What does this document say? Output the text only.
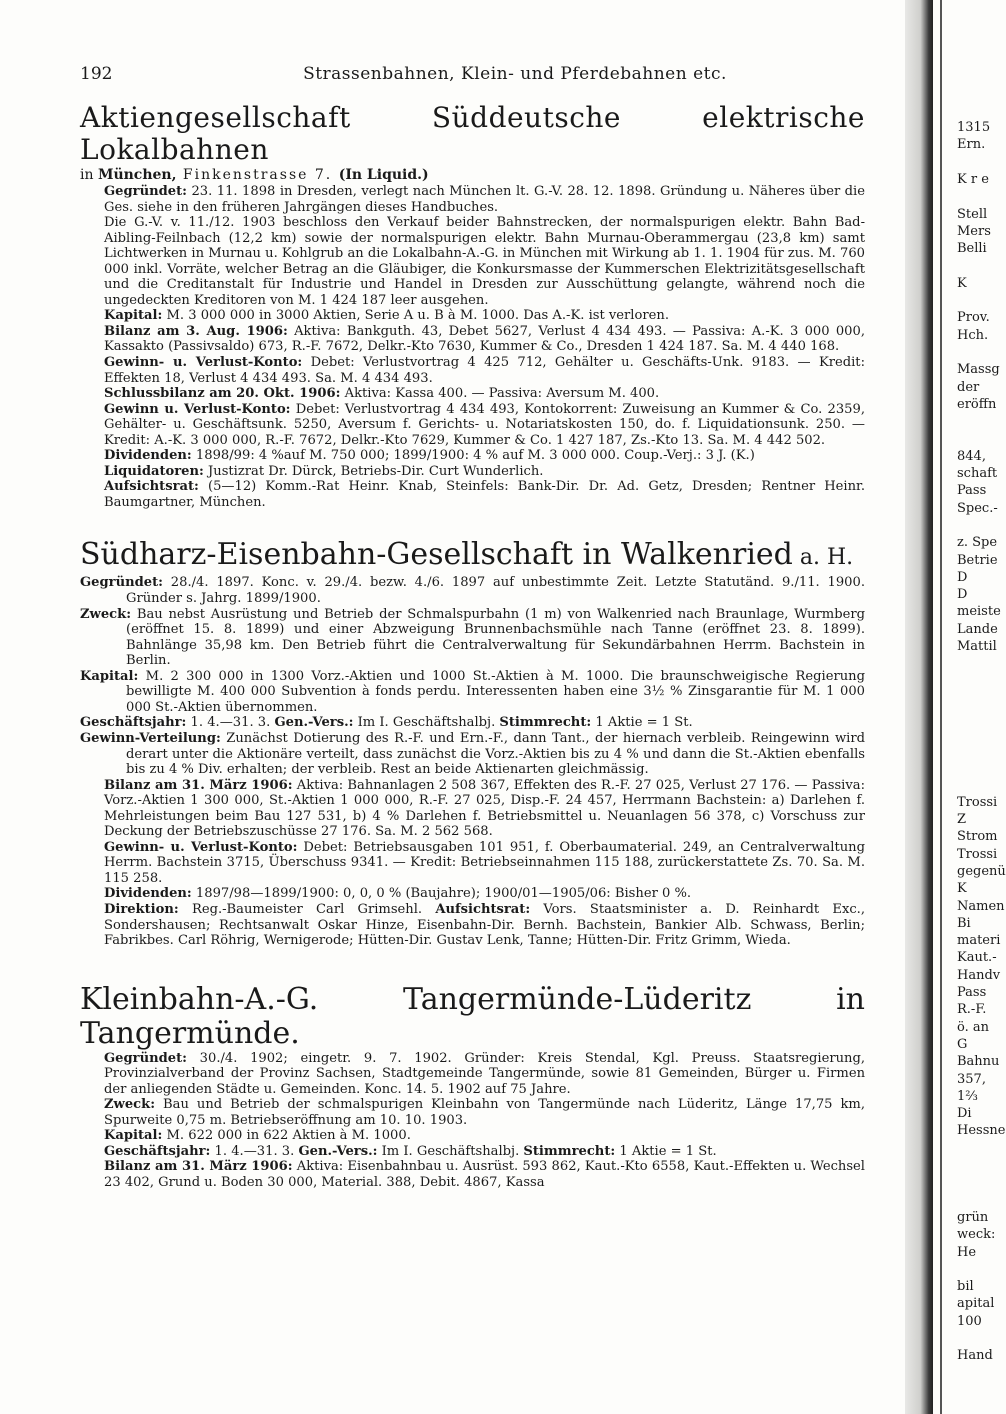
192	Strassenbahnen, Klein- und Pferdebahnen etc.

Aktiengesellschaft Süddeutsche elektrische Lokalbahnen

in München, Finkenstrasse 7. (In Liquid.)

Gegründet: 23. 11. 1898 in Dresden, verlegt nach München lt. G.-V. 28. 12. 1898. Gründung u. Näheres über die Ges. siehe in den früheren Jahrgängen dieses Handbuches.

Die G.-V. v. 11./12. 1903 beschloss den Verkauf beider Bahnstrecken, der normalspurigen elektr. Bahn Bad-Aibling-Feilnbach (12,2 km) sowie der normalspurigen elektr. Bahn Murnau-Oberammergau (23,8 km) samt Lichtwerken in Murnau u. Kohlgrub an die Lokalbahn-A.-G. in München mit Wirkung ab 1. 1. 1904 für zus. M. 760 000 inkl. Vorräte, welcher Betrag an die Gläubiger, die Konkursmasse der Kummerschen Elektrizitätsgesellschaft und die Creditanstalt für Industrie und Handel in Dresden zur Ausschüttung gelangte, während noch die ungedeckten Kreditoren von M. 1 424 187 leer ausgehen.

Kapital: M. 3 000 000 in 3000 Aktien, Serie A u. B à M. 1000. Das A.-K. ist verloren.

Bilanz am 3. Aug. 1906: Aktiva: Bankguth. 43, Debet 5627, Verlust 4 434 493. — Passiva: A.-K. 3 000 000, Kassakto (Passivsaldo) 673, R.-F. 7672, Delkr.-Kto 7630, Kummer & Co., Dresden 1 424 187. Sa. M. 4 440 168.

Gewinn- u. Verlust-Konto: Debet: Verlustvortrag 4 425 712, Gehälter u. Geschäfts-Unk. 9183. — Kredit: Effekten 18, Verlust 4 434 493. Sa. M. 4 434 493.

Schlussbilanz am 20. Okt. 1906: Aktiva: Kassa 400. — Passiva: Aversum M. 400.

Gewinn u. Verlust-Konto: Debet: Verlustvortrag 4 434 493, Kontokorrent: Zuweisung an Kummer & Co. 2359, Gehälter- u. Geschäftsunk. 5250, Aversum f. Gerichts- u. Notariatskosten 150, do. f. Liquidationsunk. 250. — Kredit: A.-K. 3 000 000, R.-F. 7672, Delkr.-Kto 7629, Kummer & Co. 1 427 187, Zs.-Kto 13. Sa. M. 4 442 502.

Dividenden: 1898/99: 4 %auf M. 750 000; 1899/1900: 4 % auf M. 3 000 000. Coup.-Verj.: 3 J. (K.)

Liquidatoren: Justizrat Dr. Dürck, Betriebs-Dir. Curt Wunderlich.

Aufsichtsrat: (5—12) Komm.-Rat Heinr. Knab, Steinfels: Bank-Dir. Dr. Ad. Getz, Dresden; Rentner Heinr. Baumgartner, München.

Südharz-Eisenbahn-Gesellschaft in Walkenried a. H.

Gegründet: 28./4. 1897. Konc. v. 29./4. bezw. 4./6. 1897 auf unbestimmte Zeit. Letzte Statutänd. 9./11. 1900. Gründer s. Jahrg. 1899/1900.

Zweck: Bau nebst Ausrüstung und Betrieb der Schmalspurbahn (1 m) von Walkenried nach Braunlage, Wurmberg (eröffnet 15. 8. 1899) und einer Abzweigung Brunnenbachsmühle nach Tanne (eröffnet 23. 8. 1899). Bahnlänge 35,98 km. Den Betrieb führt die Centralverwaltung für Sekundärbahnen Herrm. Bachstein in Berlin.

Kapital: M. 2 300 000 in 1300 Vorz.-Aktien und 1000 St.-Aktien à M. 1000. Die braunschweigische Regierung bewilligte M. 400 000 Subvention à fonds perdu. Interessenten haben eine 3½ % Zinsgarantie für M. 1 000 000 St.-Aktien übernommen.

Geschäftsjahr: 1. 4.—31. 3. Gen.-Vers.: Im I. Geschäftshalbj. Stimmrecht: 1 Aktie = 1 St.

Gewinn-Verteilung: Zunächst Dotierung des R.-F. und Ern.-F., dann Tant., der hiernach verbleib. Reingewinn wird derart unter die Aktionäre verteilt, dass zunächst die Vorz.-Aktien bis zu 4 % und dann die St.-Aktien ebenfalls bis zu 4 % Div. erhalten; der verbleib. Rest an beide Aktienarten gleichmässig.

Bilanz am 31. März 1906: Aktiva: Bahnanlagen 2 508 367, Effekten des R.-F. 27 025, Verlust 27 176. — Passiva: Vorz.-Aktien 1 300 000, St.-Aktien 1 000 000, R.-F. 27 025, Disp.-F. 24 457, Herrmann Bachstein: a) Darlehen f. Mehrleistungen beim Bau 127 531, b) 4 % Darlehen f. Betriebsmittel u. Neuanlagen 56 378, c) Vorschuss zur Deckung der Betriebszuschüsse 27 176. Sa. M. 2 562 568.

Gewinn- u. Verlust-Konto: Debet: Betriebsausgaben 101 951, f. Oberbaumaterial. 249, an Centralverwaltung Herrm. Bachstein 3715, Überschuss 9341. — Kredit: Betriebseinnahmen 115 188, zurückerstattete Zs. 70. Sa. M. 115 258.

Dividenden: 1897/98—1899/1900: 0, 0, 0 % (Baujahre); 1900/01—1905/06: Bisher 0 %.

Direktion: Reg.-Baumeister Carl Grimsehl. Aufsichtsrat: Vors. Staatsminister a. D. Reinhardt Exc., Sondershausen; Rechtsanwalt Oskar Hinze, Eisenbahn-Dir. Bernh. Bachstein, Bankier Alb. Schwass, Berlin; Fabrikbes. Carl Röhrig, Wernigerode; Hütten-Dir. Gustav Lenk, Tanne; Hütten-Dir. Fritz Grimm, Wieda.

Kleinbahn-A.-G. Tangermünde-Lüderitz in Tangermünde.

Gegründet: 30./4. 1902; eingetr. 9. 7. 1902. Gründer: Kreis Stendal, Kgl. Preuss. Staatsregierung, Provinzialverband der Provinz Sachsen, Stadtgemeinde Tangermünde, sowie 81 Gemeinden, Bürger u. Firmen der anliegenden Städte u. Gemeinden. Konc. 14. 5. 1902 auf 75 Jahre.

Zweck: Bau und Betrieb der schmalspurigen Kleinbahn von Tangermünde nach Lüderitz, Länge 17,75 km, Spurweite 0,75 m. Betriebseröffnung am 10. 10. 1903.

Kapital: M. 622 000 in 622 Aktien à M. 1000.

Geschäftsjahr: 1. 4.—31. 3. Gen.-Vers.: Im I. Geschäftshalbj. Stimmrecht: 1 Aktie = 1 St.

Bilanz am 31. März 1906: Aktiva: Eisenbahnbau u. Ausrüst. 593 862, Kaut.-Kto 6558, Kaut.-Effekten u. Wechsel 23 402, Grund u. Boden 30 000, Material. 388, Debit. 4867, Kassa

1315
Ern.
K r e
Stell
Mers
Belli
K
Prov.
Hch.
Massg
der
eröffn
844,
schaft
Pass
Spec.-
z. Spe
Betrie
D
D
meiste
Lande
Mattil
Trossi
Z
Strom
Trossi
gegenü
K
Namen
Bi
materi
Kaut.-
Handv
Pass
R.-F.
ö. an
G
Bahnu
357,
1⅔
Di
Hessne
grün
weck:
He
bil
apital
100
Hand
